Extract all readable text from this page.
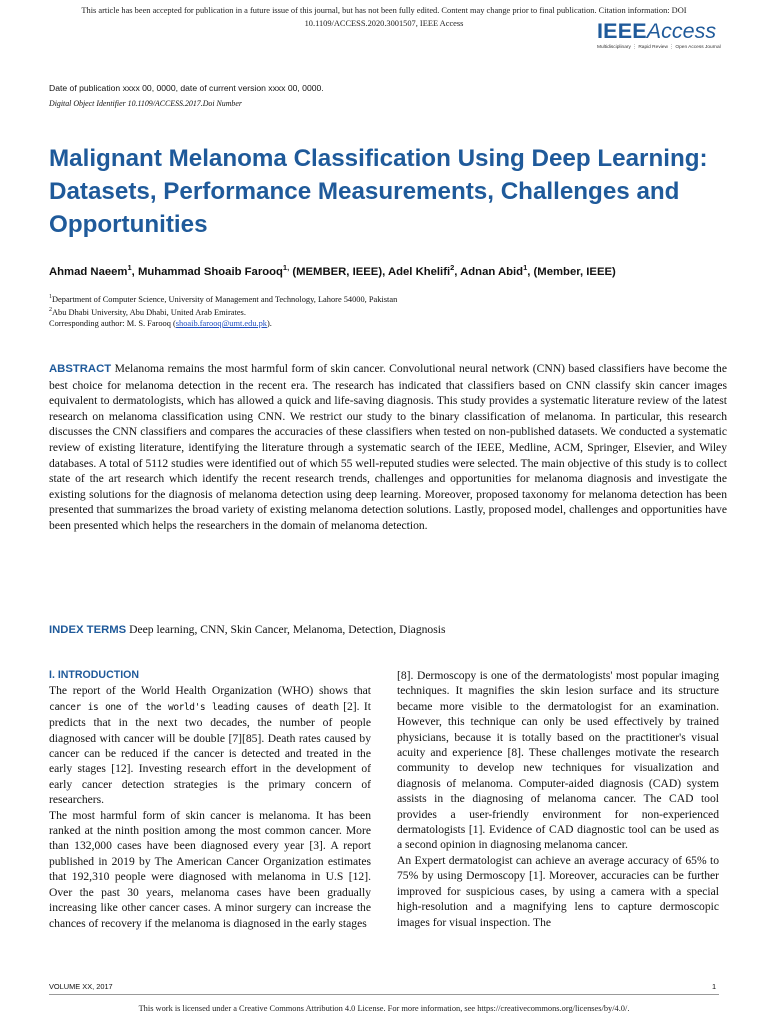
This article has been accepted for publication in a future issue of this journal, but has not been fully edited. Content may change prior to final publication. Citation information: DOI
10.1109/ACCESS.2020.3001507, IEEE Access	IEEEAccess
Multidisciplinary ⋮ Rapid Review ⋮ Open Access Journal
Date of publication xxxx 00, 0000, date of current version xxxx 00, 0000.
Digital Object Identifier 10.1109/ACCESS.2017.Doi Number
Malignant Melanoma Classification Using Deep Learning: Datasets, Performance Measurements, Challenges and Opportunities

Ahmad Naeem$^1$, Muhammad Shoaib Farooq$^{1,}$ (MEMBER, IEEE), Adel Khelifi$^2$, Adnan Abid$^1$, (Member, IEEE)

$^1$Department of Computer Science, University of Management and Technology, Lahore 54000, Pakistan
$^2$Abu Dhabi University, Abu Dhabi, United Arab Emirates.
Corresponding author: M. S. Farooq (shoaib.farooq@umt.edu.pk).

ABSTRACT Melanoma remains the most harmful form of skin cancer. Convolutional neural network (CNN) based classifiers have become the best choice for melanoma detection in the recent era. The research has indicated that classifiers based on CNN classify skin cancer images equivalent to dermatologists, which has allowed a quick and life-saving diagnosis. This study provides a systematic literature review of the latest research on melanoma classification using CNN. We restrict our study to the binary classification of melanoma. In particular, this research discusses the CNN classifiers and compares the accuracies of these classifiers when tested on non-published datasets. We conducted a systematic review of existing literature, identifying the literature through a systematic search of the IEEE, Medline, ACM, Springer, Elsevier, and Wiley databases. A total of 5112 studies were identified out of which 55 well-reputed studies were selected. The main objective of this study is to collect state of the art research which identify the recent research trends, challenges and opportunities for melanoma diagnosis and investigate the existing solutions for the diagnosis of melanoma detection using deep learning. Moreover, proposed taxonomy for melanoma detection has been presented that summarizes the broad variety of existing melanoma detection solutions. Lastly, proposed model, challenges and opportunities have been presented which helps the researchers in the domain of melanoma detection.

INDEX TERMS Deep learning, CNN, Skin Cancer, Melanoma, Detection, Diagnosis

I. INTRODUCTION

The report of the World Health Organization (WHO) shows that cancer is one of the world's leading causes of death [2]. It predicts that in the next two decades, the number of people diagnosed with cancer will be double [7][85]. Death rates caused by cancer can be reduced if the cancer is detected and treated in the early stages [12]. Investing research effort in the development of early cancer detection strategies is the primary concern of researchers.

The most harmful form of skin cancer is melanoma. It has been ranked at the ninth position among the most common cancer. More than 132,000 cases have been diagnosed every year [3]. A report published in 2019 by The American Cancer Organization estimates that 192,310 people were diagnosed with melanoma in U.S [12]. Over the past 30 years, melanoma cases have been gradually increasing like other cancer cases. A minor surgery can increase the chances of recovery if the melanoma is diagnosed in the early stages

[8]. Dermoscopy is one of the dermatologists' most popular imaging techniques. It magnifies the skin lesion surface and its structure became more visible to the dermatologist for an examination. However, this technique can only be used effectively by trained physicians, because it is totally based on the practitioner's visual acuity and experience [8]. These challenges motivate the research community to develop new techniques for visualization and diagnosis of melanoma. Computer-aided diagnosis (CAD) system assists in the diagnosing of melanoma cancer. The CAD tool provides a user-friendly environment for non-experienced dermatologists [1]. Evidence of CAD diagnostic tool can be used as a second opinion in diagnosing melanoma cancer.

An Expert dermatologist can achieve an average accuracy of 65% to 75% by using Dermoscopy [1]. Moreover, accuracies can be further improved for suspicious cases, by using a camera with a special high-resolution and a magnifying lens to capture dermoscopic images for visual inspection. The

VOLUME XX, 2017	1
This work is licensed under a Creative Commons Attribution 4.0 License. For more information, see https://creativecommons.org/licenses/by/4.0/.
